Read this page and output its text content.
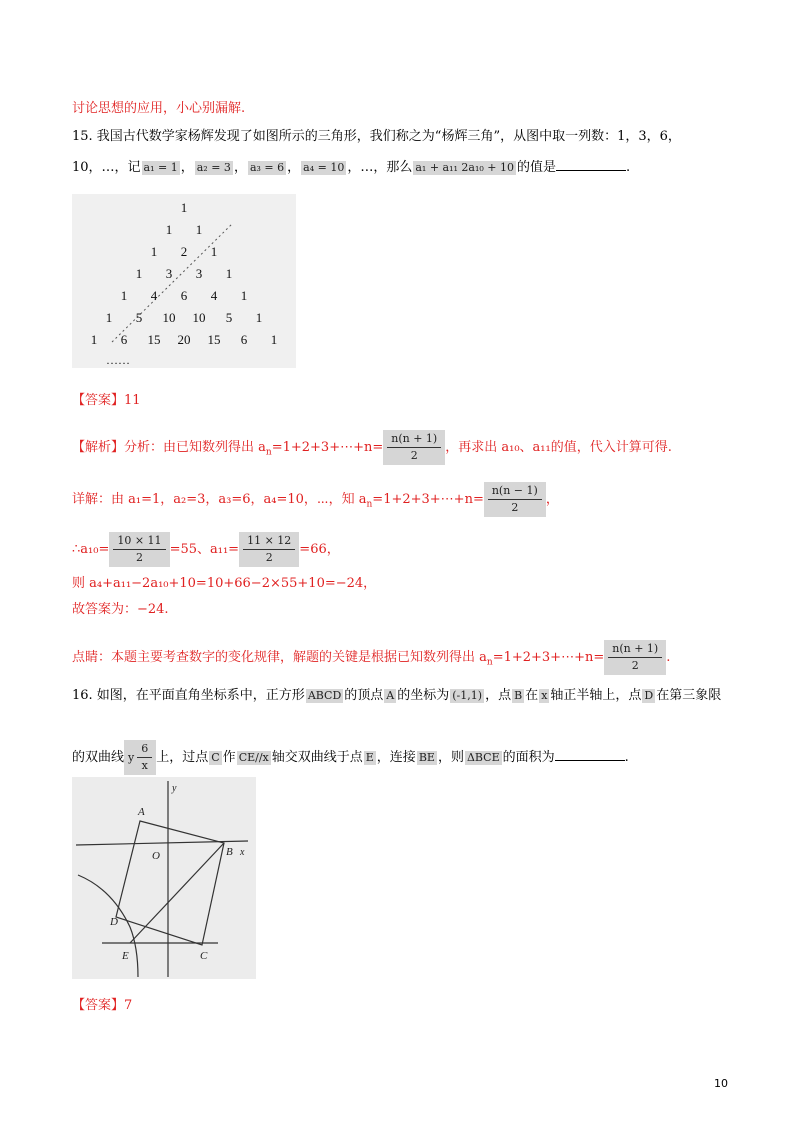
讨论思想的应用，小心别漏解.
15. 我国古代数学家杨辉发现了如图所示的三角形，我们称之为“杨辉三角”，从图中取一列数：1，3，6，
10，…，记 a₁ = 1 ， a₂ = 3 ， a₃ = 6 ， a₄ = 10 ，…，那么 a₁ + a₁₁ 2a₁₀ + 10 的值是	.
1
1 1
1 2 1
1 3 3 1
1 4 6 4 1
1 5 10 10 5 1
1 6 15 20 15 6 1
……
【答案】11
【解析】分析：由已知数列得出 $a_n=1+2+3+\cdots+n= \frac{n(n + 1)}{2}$ ，再求出 a₁₀、a₁₁的值，代入计算可得.
详解：由 a₁=1，a₂=3，a₃=6，a₄=10，⋯，知 $a_n=1+2+3+\cdots+n= \frac{n(n - 1)}{2}$ ，
∴a₁₀= $\frac{10 \times 11}{2} =55$、$a_{11}= \frac{11 \times 12}{2} =66$，
则 a₄+a₁₁−2a₁₀+10=10+66−2×55+10=−24，
故答案为：−24.
点睛：本题主要考查数字的变化规律，解题的关键是根据已知数列得出 $a_n=1+2+3+\cdots+n= \frac{n(n + 1)}{2}$ .
16. 如图，在平面直角坐标系中，正方形 ABCD 的顶点 A 的坐标为 (-1,1) ，点 B 在 x 轴正半轴上，点 D 在第三象限
的双曲线 y $\frac{6}{x}$ 上，过点 C 作 CE//x 轴交双曲线于点 E ，连接 BE ，则 ΔBCE 的面积为	.
A
B
C
D
E
O	x
y
【答案】7
10
